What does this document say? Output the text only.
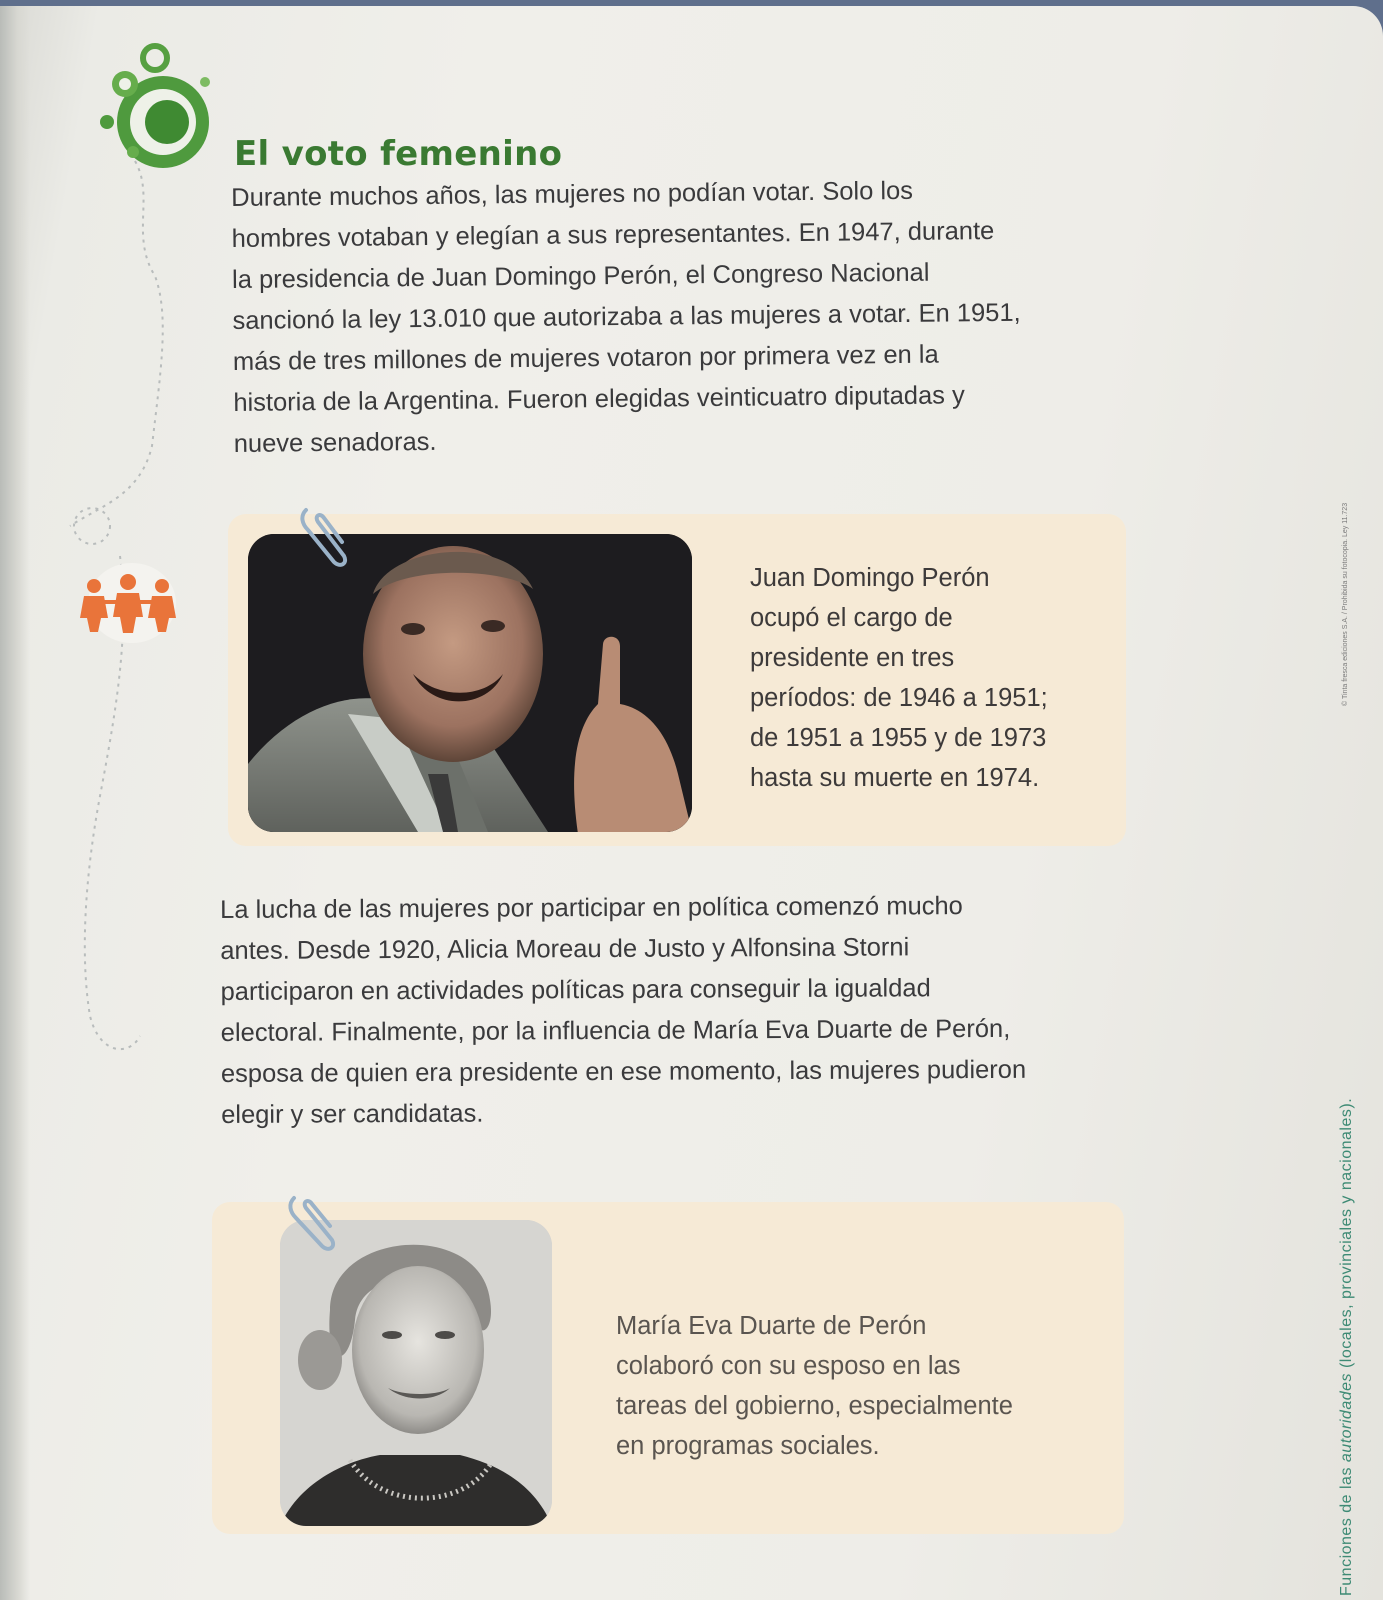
El voto femenino
Durante muchos años, las mujeres no podían votar. Solo los
hombres votaban y elegían a sus representantes. En 1947, durante
la presidencia de Juan Domingo Perón, el Congreso Nacional
sancionó la ley 13.010 que autorizaba a las mujeres a votar. En 1951,
más de tres millones de mujeres votaron por primera vez en la
historia de la Argentina. Fueron elegidas veinticuatro diputadas y
nueve senadoras.
Juan Domingo Perón
ocupó el cargo de
presidente en tres
períodos: de 1946 a 1951;
de 1951 a 1955 y de 1973
hasta su muerte en 1974.
La lucha de las mujeres por participar en política comenzó mucho
antes. Desde 1920, Alicia Moreau de Justo y Alfonsina Storni
participaron en actividades políticas para conseguir la igualdad
electoral. Finalmente, por la influencia de María Eva Duarte de Perón,
esposa de quien era presidente en ese momento, las mujeres pudieron
elegir y ser candidatas.
María Eva Duarte de Perón
colaboró con su esposo en las
tareas del gobierno, especialmente
en programas sociales.
© Tinta fresca ediciones S.A. / Prohibida su fotocopia. Ley 11.723
Funciones de las autoridades (locales, provinciales y nacionales).
